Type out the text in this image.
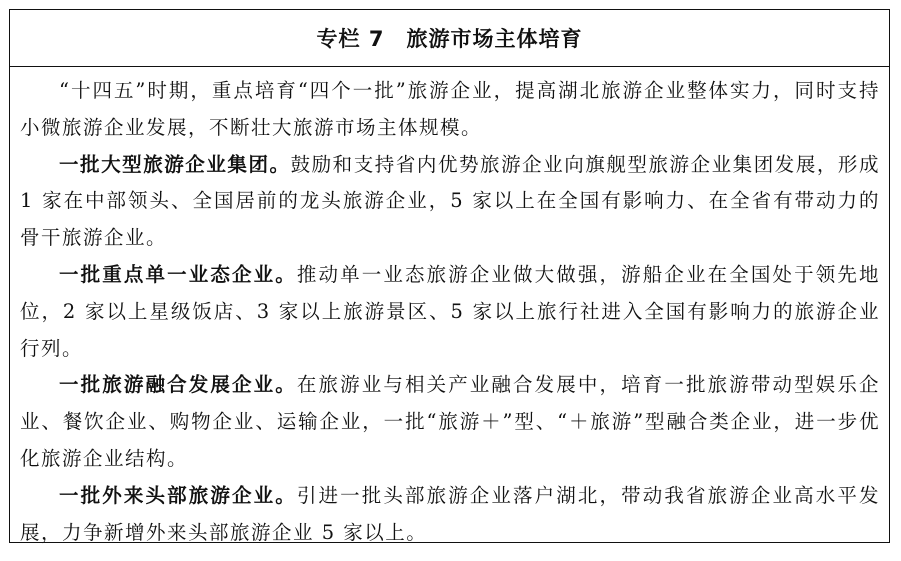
专栏 7 旅游市场主体培育

“十四五”时期，重点培育“四个一批”旅游企业，提高湖北旅游企业整体实力，同时支持小微旅游企业发展，不断壮大旅游市场主体规模。

一批大型旅游企业集团。鼓励和支持省内优势旅游企业向旗舰型旅游企业集团发展，形成 1 家在中部领头、全国居前的龙头旅游企业，5 家以上在全国有影响力、在全省有带动力的骨干旅游企业。

一批重点单一业态企业。推动单一业态旅游企业做大做强，游船企业在全国处于领先地位，2 家以上星级饭店、3 家以上旅游景区、5 家以上旅行社进入全国有影响力的旅游企业行列。

一批旅游融合发展企业。在旅游业与相关产业融合发展中，培育一批旅游带动型娱乐企业、餐饮企业、购物企业、运输企业，一批“旅游＋”型、“＋旅游”型融合类企业，进一步优化旅游企业结构。

一批外来头部旅游企业。引进一批头部旅游企业落户湖北，带动我省旅游企业高水平发展，力争新增外来头部旅游企业 5 家以上。
